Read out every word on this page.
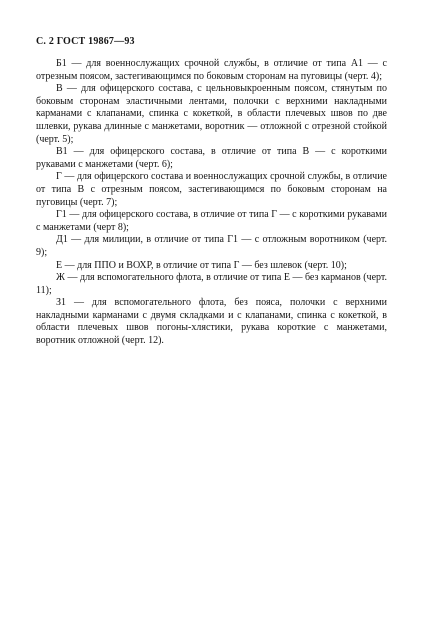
С. 2 ГОСТ 19867—93

Б1 — для военнослужащих срочной службы, в отличие от типа А1 — с отрезным поясом, застегивающимся по боковым сторонам на пуговицы (черт. 4);

В — для офицерского состава, с цельновыкроенным поясом, стянутым по боковым сторонам эластичными лентами, полочки с верхними накладными карманами с клапанами, спинка с кокеткой, в области плечевых швов по две шлевки, рукава длинные с манжетами, воротник — отложной с отрезной стойкой (черт. 5);

В1 — для офицерского состава, в отличие от типа В — с короткими рукавами с манжетами (черт. 6);

Г — для офицерского состава и военнослужащих срочной службы, в отличие от типа В с отрезным поясом, застегивающимся по боковым сторонам на пуговицы (черт. 7);

Г1 — для офицерского состава, в отличие от типа Г — с короткими рукавами с манжетами (черт 8);

Д1 — для милиции, в отличие от типа Г1 — с отложным воротником (черт. 9);

Е — для ППО и ВОХР, в отличие от типа Г — без шлевок (черт. 10);

Ж — для вспомогательного флота, в отличие от типа Е — без карманов (черт. 11);

З1 — для вспомогательного флота, без пояса, полочки с верхними накладными карманами с двумя складками и с клапанами, спинка с кокеткой, в области плечевых швов погоны-хлястики, рукава короткие с манжетами, воротник отложной (черт. 12).
